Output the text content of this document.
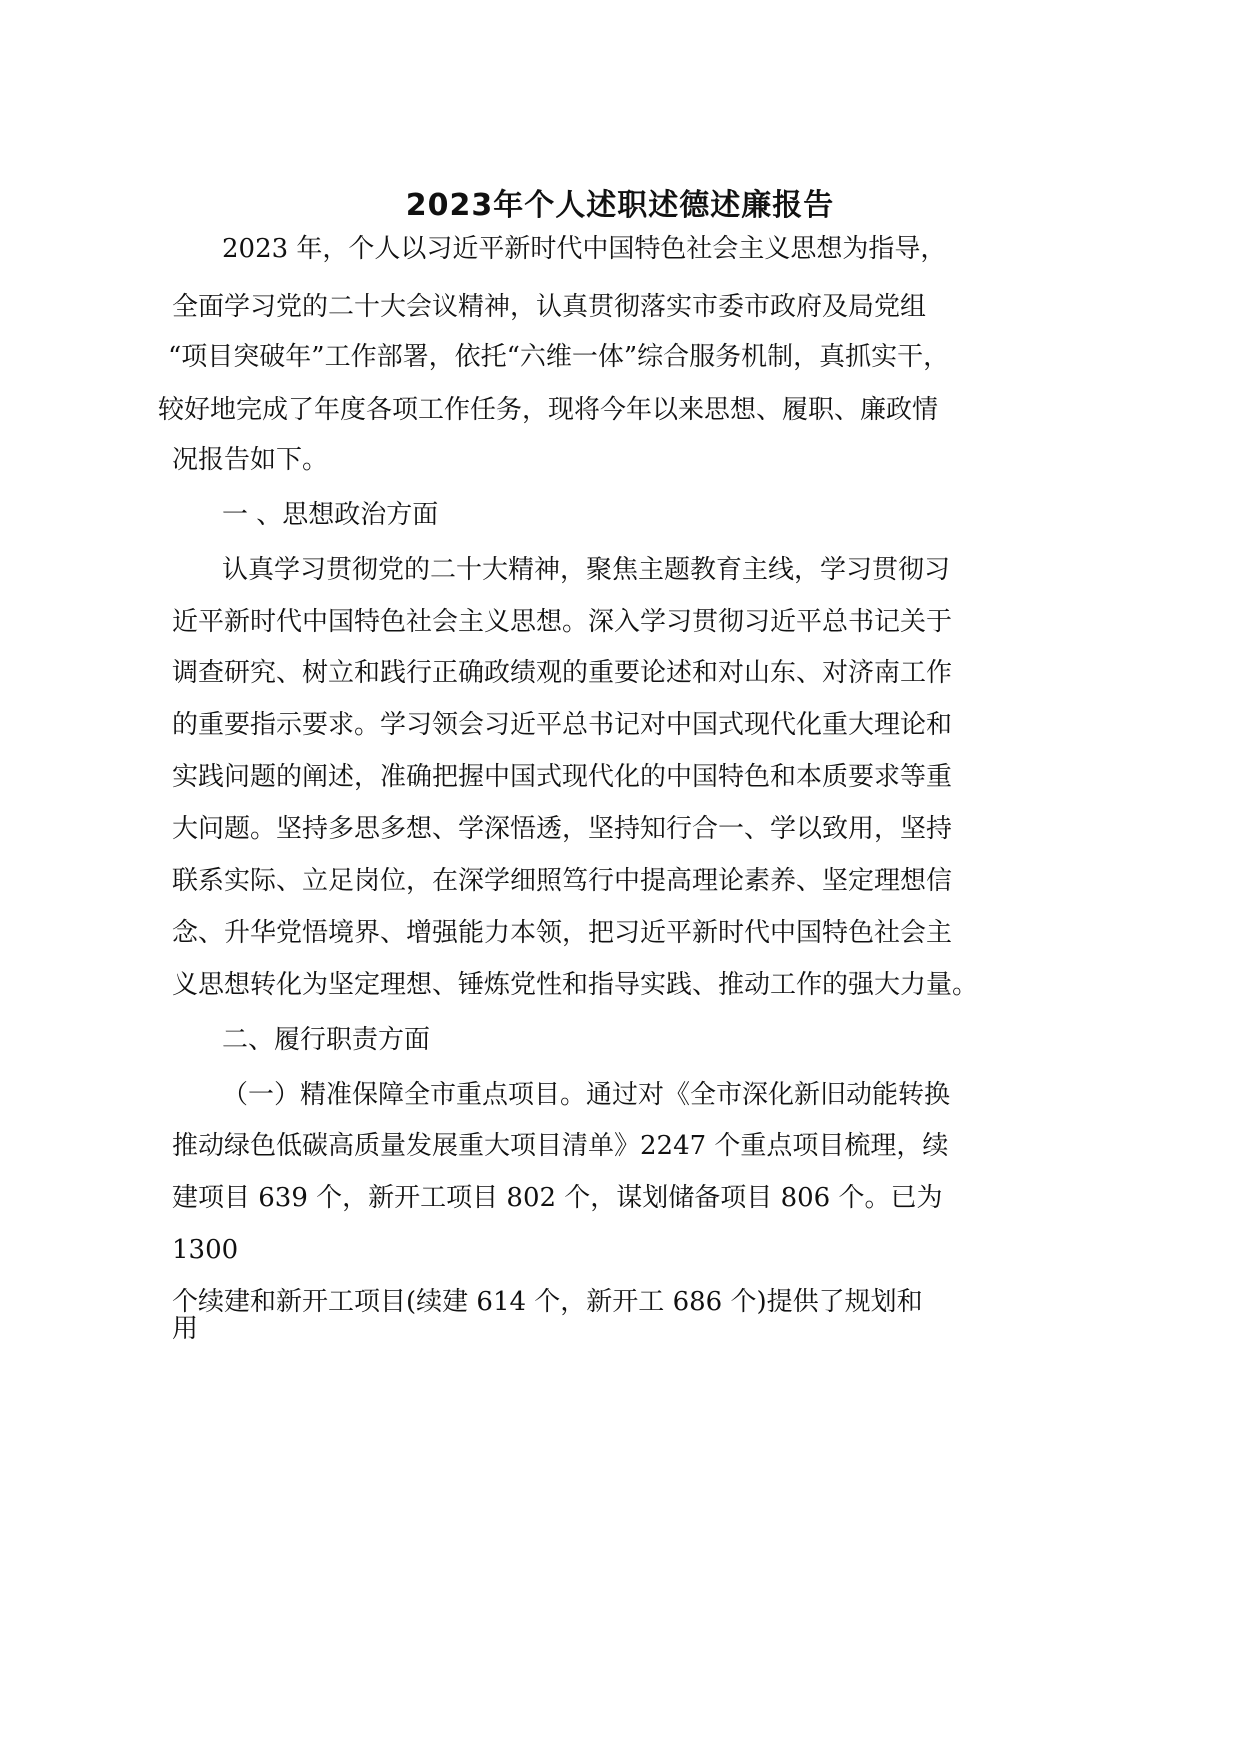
2023年个人述职述德述廉报告
2023 年，个人以习近平新时代中国特色社会主义思想为指导，
全面学习党的二十大会议精神，认真贯彻落实市委市政府及局党组
“项目突破年”工作部署，依托“六维一体”综合服务机制，真抓实干，
较好地完成了年度各项工作任务，现将今年以来思想、履职、廉政情
况报告如下。
一 、思想政治方面
认真学习贯彻党的二十大精神，聚焦主题教育主线，学习贯彻习
近平新时代中国特色社会主义思想。深入学习贯彻习近平总书记关于
调查研究、树立和践行正确政绩观的重要论述和对山东、对济南工作
的重要指示要求。学习领会习近平总书记对中国式现代化重大理论和
实践问题的阐述，准确把握中国式现代化的中国特色和本质要求等重
大问题。坚持多思多想、学深悟透，坚持知行合一、学以致用，坚持
联系实际、立足岗位，在深学细照笃行中提高理论素养、坚定理想信
念、升华党悟境界、增强能力本领，把习近平新时代中国特色社会主
义思想转化为坚定理想、锤炼党性和指导实践、推动工作的强大力量。
二、履行职责方面
（一）精准保障全市重点项目。通过对《全市深化新旧动能转换
推动绿色低碳高质量发展重大项目清单》2247 个重点项目梳理，续
建项目 639 个，新开工项目 802 个，谋划储备项目 806 个。已为
1300
个续建和新开工项目(续建 614 个，新开工 686 个)提供了规划和
用
